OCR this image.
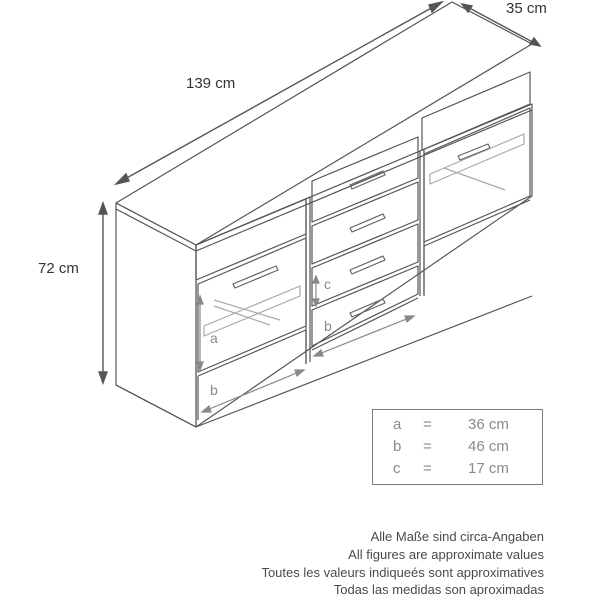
139 cm
35 cm
72 cm
a
b
b
c
a = 36 cm
b = 46 cm
c = 17 cm
Alle Maße sind circa-Angaben
All figures are approximate values
Toutes les valeurs indiqueés sont approximatives
Todas las medidas son aproximadas
